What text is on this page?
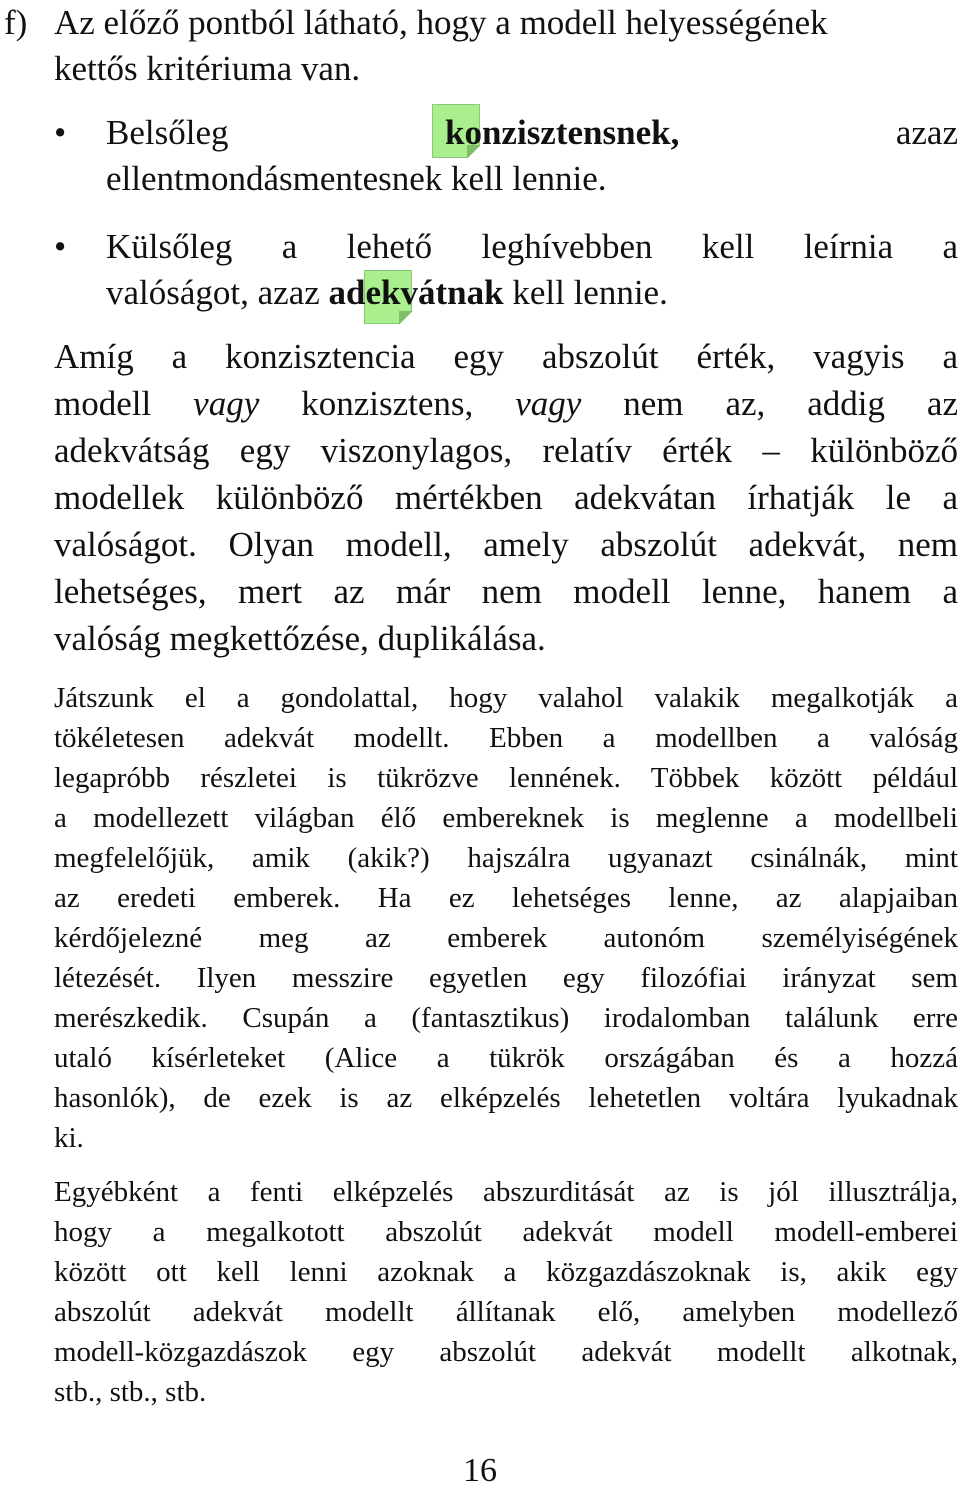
f) Az előző pontból látható, hogy a modell helyességének
kettős kritériuma van.
• Belsőleg	konzisztensnek,	azaz
ellentmondásmentesnek kell lennie.
• Külsőleg a lehető leghívebben kell leírnia a
valóságot, azaz adekvátnak kell lennie.
Amíg a konzisztencia egy abszolút érték, vagyis a
modell vagy konzisztens, vagy nem az, addig az
adekvátság egy viszonylagos, relatív érték – különböző
modellek különböző mértékben adekvátan írhatják le a
valóságot. Olyan modell, amely abszolút adekvát, nem
lehetséges, mert az már nem modell lenne, hanem a
valóság megkettőzése, duplikálása.
Játszunk el a gondolattal, hogy valahol valakik megalkotják a
tökéletesen adekvát modellt. Ebben a modellben a valóság
legapróbb részletei is tükrözve lennének. Többek között például
a modellezett világban élő embereknek is meglenne a modellbeli
megfelelőjük, amik (akik?) hajszálra ugyanazt csinálnák, mint
az eredeti emberek. Ha ez lehetséges lenne, az alapjaiban
kérdőjelezné meg az emberek autonóm személyiségének
létezését. Ilyen messzire egyetlen egy filozófiai irányzat sem
merészkedik. Csupán a (fantasztikus) irodalomban találunk erre
utaló kísérleteket (Alice a tükrök országában és a hozzá
hasonlók), de ezek is az elképzelés lehetetlen voltára lyukadnak
ki.
Egyébként a fenti elképzelés abszurditását az is jól illusztrálja,
hogy a megalkotott abszolút adekvát modell modell-emberei
között ott kell lenni azoknak a közgazdászoknak is, akik egy
abszolút adekvát modellt állítanak elő, amelyben modellező
modell-közgazdászok egy abszolút adekvát modellt alkotnak,
stb., stb., stb.
16
